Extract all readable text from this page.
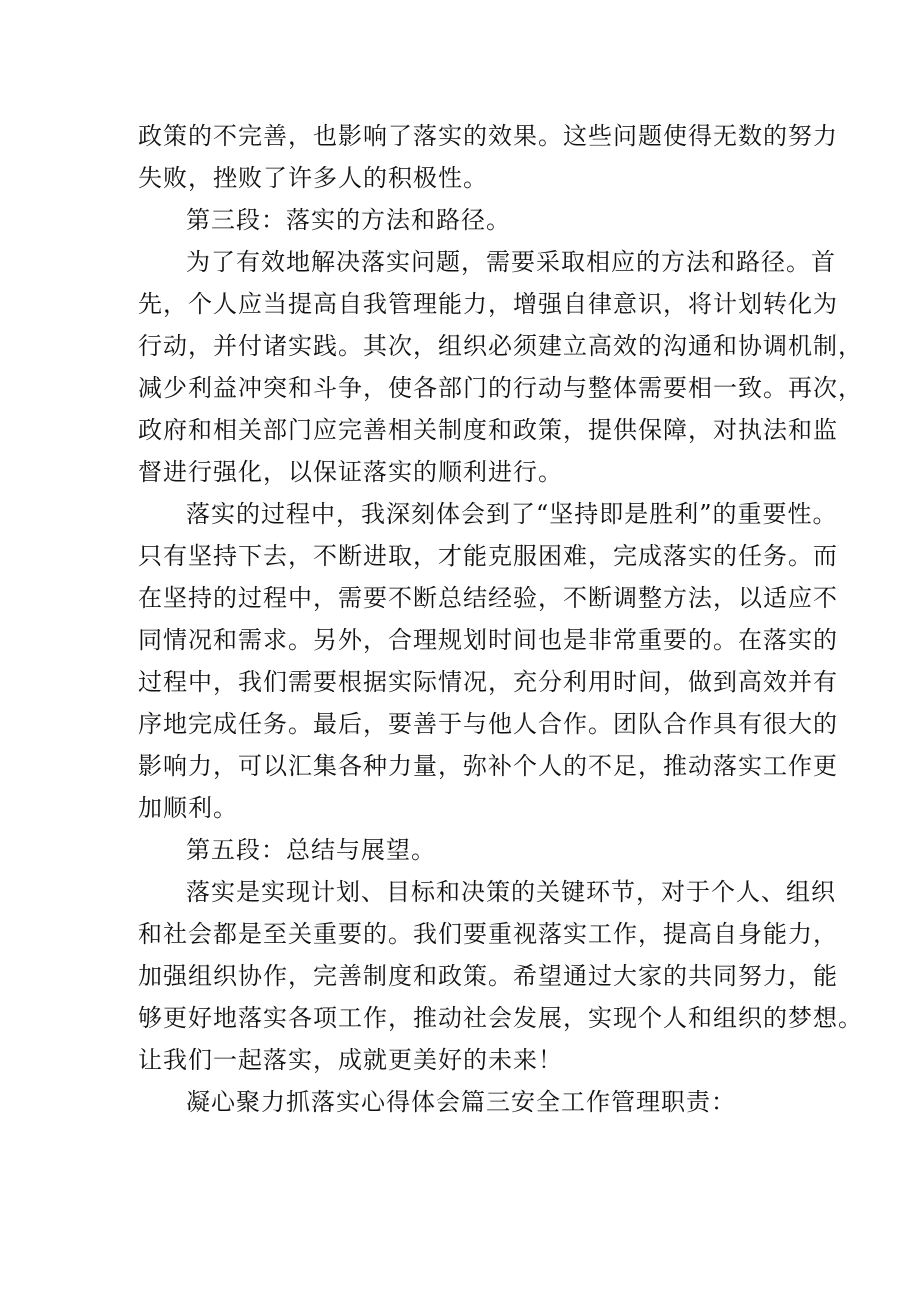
政策的不完善，也影响了落实的效果。这些问题使得无数的努力
失败，挫败了许多人的积极性。
第三段：落实的方法和路径。
为了有效地解决落实问题，需要采取相应的方法和路径。首
先，个人应当提高自我管理能力，增强自律意识，将计划转化为
行动，并付诸实践。其次，组织必须建立高效的沟通和协调机制，
减少利益冲突和斗争，使各部门的行动与整体需要相一致。再次，
政府和相关部门应完善相关制度和政策，提供保障，对执法和监
督进行强化，以保证落实的顺利进行。
落实的过程中，我深刻体会到了“坚持即是胜利”的重要性。
只有坚持下去，不断进取，才能克服困难，完成落实的任务。而
在坚持的过程中，需要不断总结经验，不断调整方法，以适应不
同情况和需求。另外，合理规划时间也是非常重要的。在落实的
过程中，我们需要根据实际情况，充分利用时间，做到高效并有
序地完成任务。最后，要善于与他人合作。团队合作具有很大的
影响力，可以汇集各种力量，弥补个人的不足，推动落实工作更
加顺利。
第五段：总结与展望。
落实是实现计划、目标和决策的关键环节，对于个人、组织
和社会都是至关重要的。我们要重视落实工作，提高自身能力，
加强组织协作，完善制度和政策。希望通过大家的共同努力，能
够更好地落实各项工作，推动社会发展，实现个人和组织的梦想。
让我们一起落实，成就更美好的未来！
凝心聚力抓落实心得体会篇三安全工作管理职责：
